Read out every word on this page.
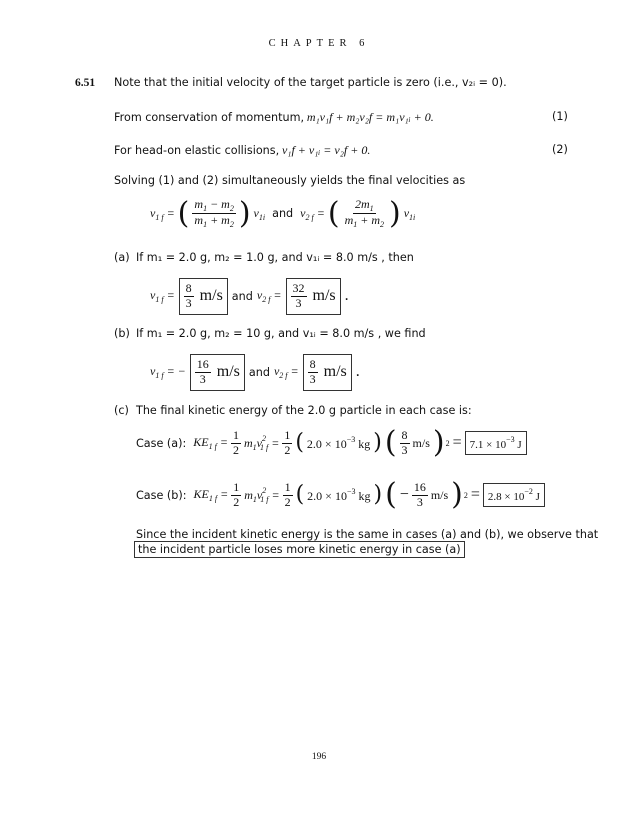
CHAPTER 6
6.51 Note that the initial velocity of the target particle is zero (i.e., v₂ᵢ = 0).
From conservation of momentum, m₁v₁f + m₂v₂f = m₁v₁ᵢ + 0.	(1)
For head-on elastic collisions, v₁f + v₁ᵢ = v₂f + 0.	(2)
Solving (1) and (2) simultaneously yields the final velocities as
$v_{1 f}$ = ( $\frac{m_1 - m_2}{m_1 + m_2}$ ) $v_{1i}$ and $v_{2 f}$ = ( $\frac{2m_1}{m_1 + m_2}$ ) $v_{1i}$
(a) If m₁ = 2.0 g, m₂ = 1.0 g, and v₁ᵢ = 8.0 m/s , then
$v_{1 f} = \frac{8}{3} m/s$ and $v_{2 f} = \frac{32}{3} m/s$ .
(b) If m₁ = 2.0 g, m₂ = 10 g, and v₁ᵢ = 8.0 m/s , we find
$v_{1 f}$ = − $\frac{16}{3} m/s$ and $v_{2 f} = \frac{8}{3} m/s$ .
(c) The final kinetic energy of the 2.0 g particle in each case is:
Case (a): $KE_{1 f} = \frac{1}{2} m_1v^2_{1 f} = \frac{1}{2}$ ( $2.0 \times 10^{-3}$ kg ) ( $\frac{8}{3} m/s$ ) $2 = 7.1 \times 10^{-3}$ J
Case (b): $KE_{1 f} = \frac{1}{2} m_1v^2_{1 f} = \frac{1}{2}$ ( $2.0 \times 10^{-3}$ kg ) ( − $\frac{16}{3} m/s$ ) $2 = 2.8 \times 10^{-2}$ J
Since the incident kinetic energy is the same in cases (a) and (b), we observe that
the incident particle loses more kinetic energy in case (a)
196
